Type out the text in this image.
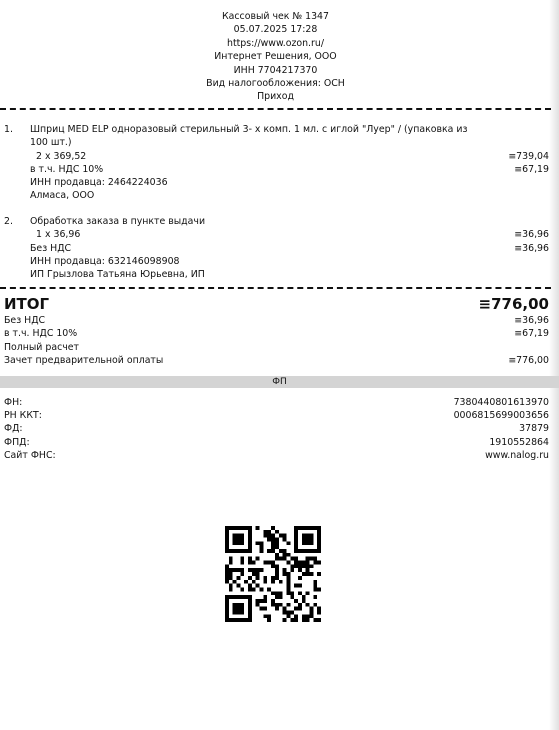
Кассовый чек № 1347
05.07.2025 17:28
https://www.ozon.ru/
Интернет Решения, ООО
ИНН 7704217370
Вид налогообложения: ОСН
Приход
1.	Шприц MED ELP одноразовый стерильный 3- х комп. 1 мл. с иглой "Луер" / (упаковка из
100 шт.)
2 x 369,52	≡739,04
в т.ч. НДС 10%	≡67,19
ИНН продавца: 2464224036
Алмаса, ООО
2.	Обработка заказа в пункте выдачи
1 x 36,96	≡36,96
Без НДС	≡36,96
ИНН продавца: 632146098908
ИП Грызлова Татьяна Юрьевна, ИП
ИТОГ	≡776,00
Без НДС	≡36,96
в т.ч. НДС 10%	≡67,19
Полный расчет
Зачет предварительной оплаты	≡776,00
ФП
ФН:	7380440801613970
РН ККТ:	0006815699003656
ФД:	37879
ФПД:	1910552864
Сайт ФНС:	www.nalog.ru
